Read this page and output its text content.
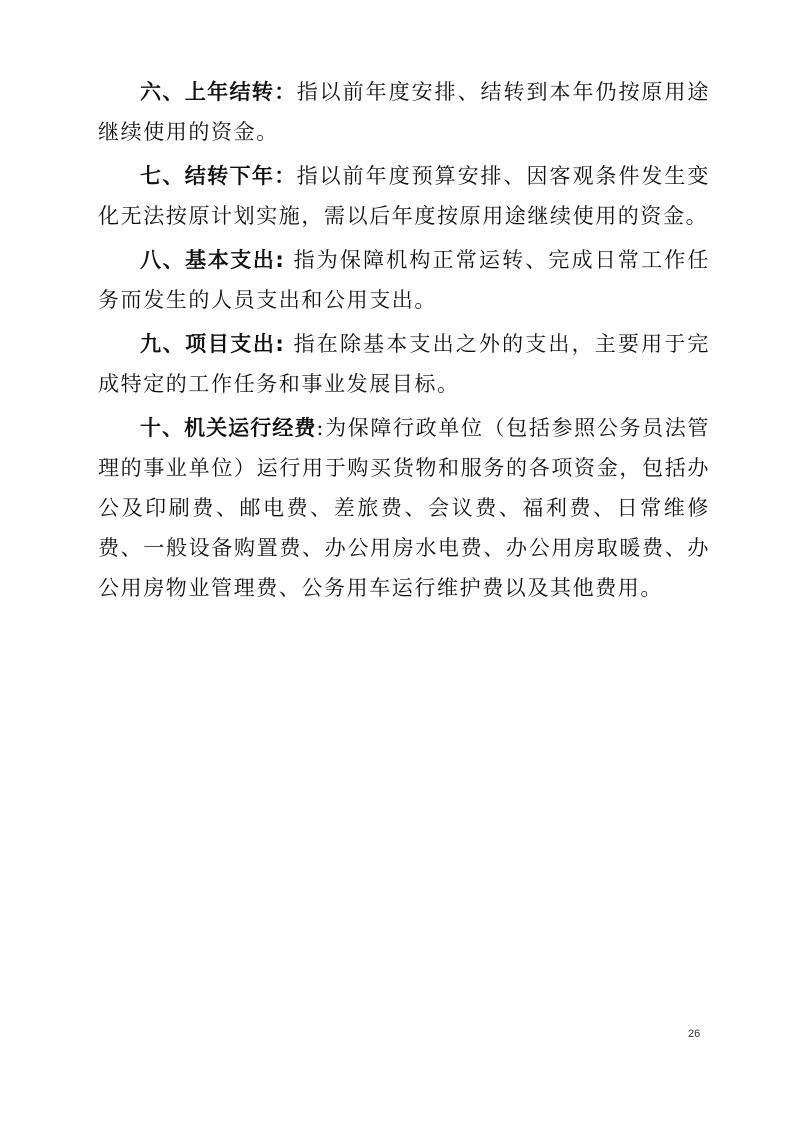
六、上年结转：指以前年度安排、结转到本年仍按原用途继续使用的资金。

七、结转下年：指以前年度预算安排、因客观条件发生变化无法按原计划实施，需以后年度按原用途继续使用的资金。

八、基本支出: 指为保障机构正常运转、完成日常工作任务而发生的人员支出和公用支出。

九、项目支出: 指在除基本支出之外的支出，主要用于完成特定的工作任务和事业发展目标。

十、机关运行经费:为保障行政单位（包括参照公务员法管理的事业单位）运行用于购买货物和服务的各项资金，包括办公及印刷费、邮电费、差旅费、会议费、福利费、日常维修费、一般设备购置费、办公用房水电费、办公用房取暖费、办公用房物业管理费、公务用车运行维护费以及其他费用。

26
